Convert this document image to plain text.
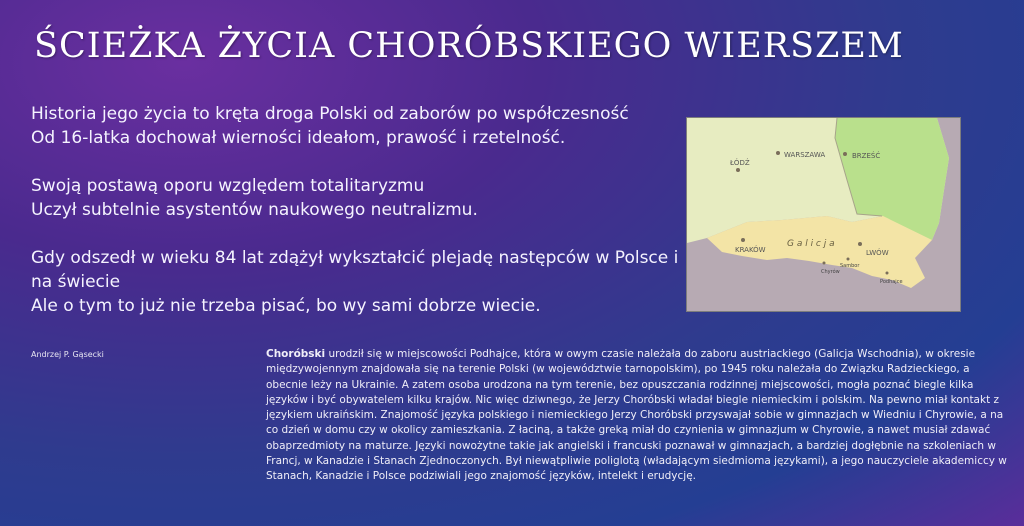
ŚCIEŻKA ŻYCIA CHORÓBSKIEGO WIERSZEM
Historia jego życia to kręta droga Polski od zaborów po współczesność
Od 16-latka dochował wierności ideałom, prawość i rzetelność.
Swoją postawą oporu względem totalitaryzmu
Uczył subtelnie asystentów naukowego neutralizmu.
Gdy odszedł w wieku 84 lat zdążył wykształcić plejadę następców w Polsce i
na świecie
Ale o tym to już nie trzeba pisać, bo wy sami dobrze wiecie.
Andrzej P. Gąsecki	Choróbski urodził się w miejscowości Podhajce, która w owym czasie należała do zaboru austriackiego (Galicja Wschodnia), w okresie międzywojennym znajdowała się na terenie Polski (w województwie tarnopolskim), po 1945 roku należała do Związku Radzieckiego, a obecnie leży na Ukrainie. A zatem osoba urodzona na tym terenie, bez opuszczania rodzinnej miejscowości, mogła poznać biegle kilka języków i być obywatelem kilku krajów. Nic więc dziwnego, że Jerzy Choróbski władał biegle niemieckim i polskim. Na pewno miał kontakt z językiem ukraińskim. Znajomość języka polskiego i niemieckiego Jerzy Choróbski przyswajał sobie w gimnazjach w Wiedniu i Chyrowie, a na co dzień w domu czy w okolicy zamieszkania. Z łaciną, a także greką miał do czynienia w gimnazjum w Chyrowie, a nawet musiał zdawać obaprzedmioty na maturze. Języki nowożytne takie jak angielski i francuski poznawał w gimnazjach, a bardziej dogłębnie na szkoleniach w Francj, w Kanadzie i Stanach Zjednoczonych. Był niewątpliwie poliglotą (władającym siedmioma językami), a jego nauczyciele akademiccy w Stanach, Kanadzie i Polsce podziwiali jego znajomość języków, intelekt i erudycję.
WARSZAWA
ŁÓDŹ
BRZEŚĆ
KRAKÓW	LWÓW
G a l i c j a
Sambor
Chyrów
Podhajce
